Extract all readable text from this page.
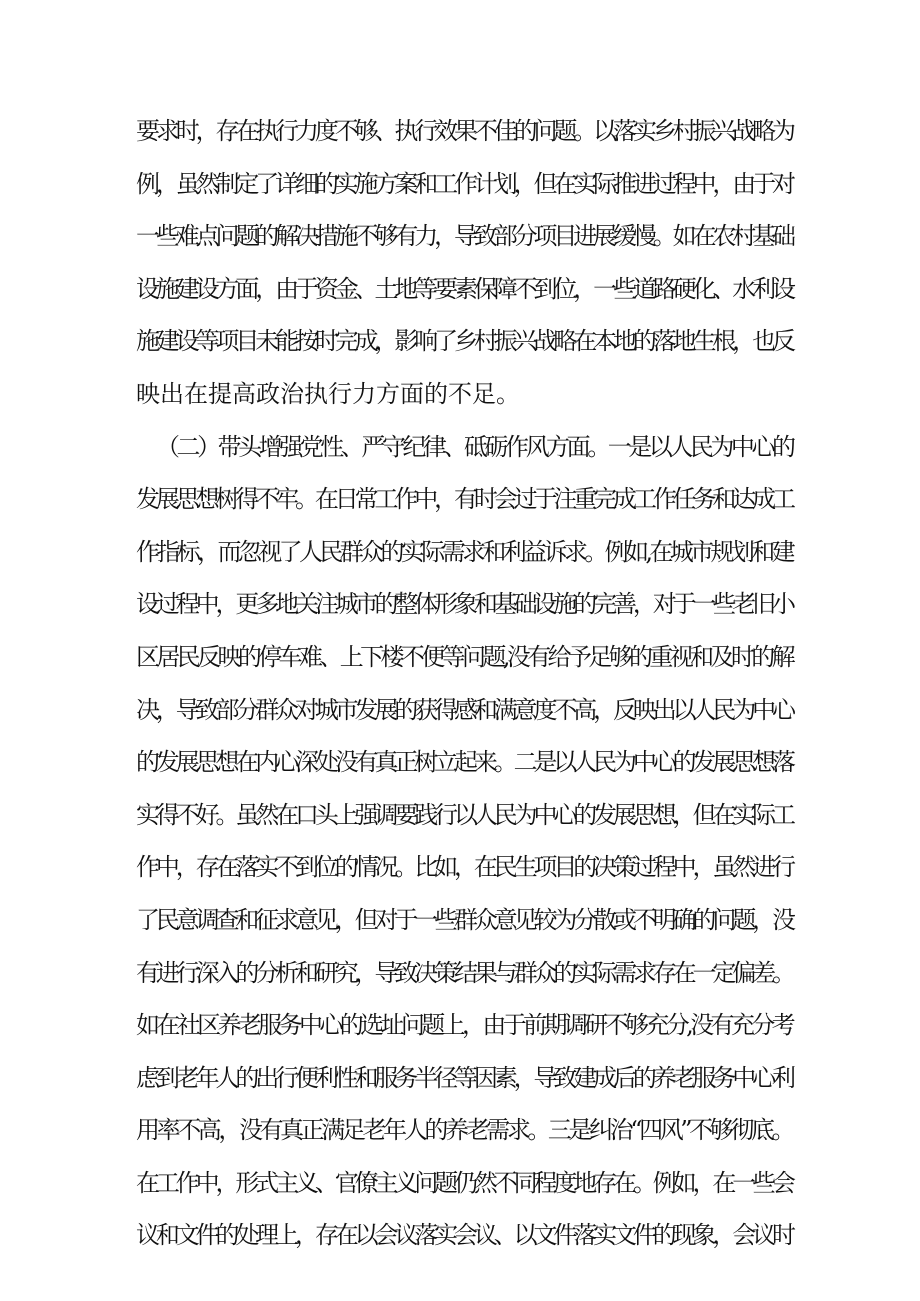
要求时，存在执行力度不够、执行效果不佳的问题。以落实乡村振兴战略为
例，虽然制定了详细的实施方案和工作计划，但在实际推进过程中，由于对
一些难点问题的解决措施不够有力，导致部分项目进展缓慢。如在农村基础
设施建设方面，由于资金、土地等要素保障不到位，一些道路硬化、水利设
施建设等项目未能按时完成，影响了乡村振兴战略在本地的落地生根，也反
映出在提高政治执行力方面的不足。
（二）带头增强党性、严守纪律、砥砺作风方面。一是以人民为中心的
发展思想树得不牢。在日常工作中，有时会过于注重完成工作任务和达成工
作指标，而忽视了人民群众的实际需求和利益诉求。例如,在城市规划和建
设过程中，更多地关注城市的整体形象和基础设施的完善，对于一些老旧小
区居民反映的停车难、上下楼不便等问题,没有给予足够的重视和及时的解
决，导致部分群众对城市发展的获得感和满意度不高，反映出以人民为中心
的发展思想在内心深处没有真正树立起来。二是以人民为中心的发展思想落
实得不好。虽然在口头上强调要践行以人民为中心的发展思想，但在实际工
作中，存在落实不到位的情况。比如，在民生项目的决策过程中，虽然进行
了民意调查和征求意见，但对于一些群众意见较为分散或不明确的问题，没
有进行深入的分析和研究，导致决策结果与群众的实际需求存在一定偏差。
如在社区养老服务中心的选址问题上，由于前期调研不够充分,没有充分考
虑到老年人的出行便利性和服务半径等因素，导致建成后的养老服务中心利
用率不高，没有真正满足老年人的养老需求。三是纠治“四风”不够彻底。
在工作中，形式主义、官僚主义问题仍然不同程度地存在。例如，在一些会
议和文件的处理上，存在以会议落实会议、以文件落实文件的现象，会议时
